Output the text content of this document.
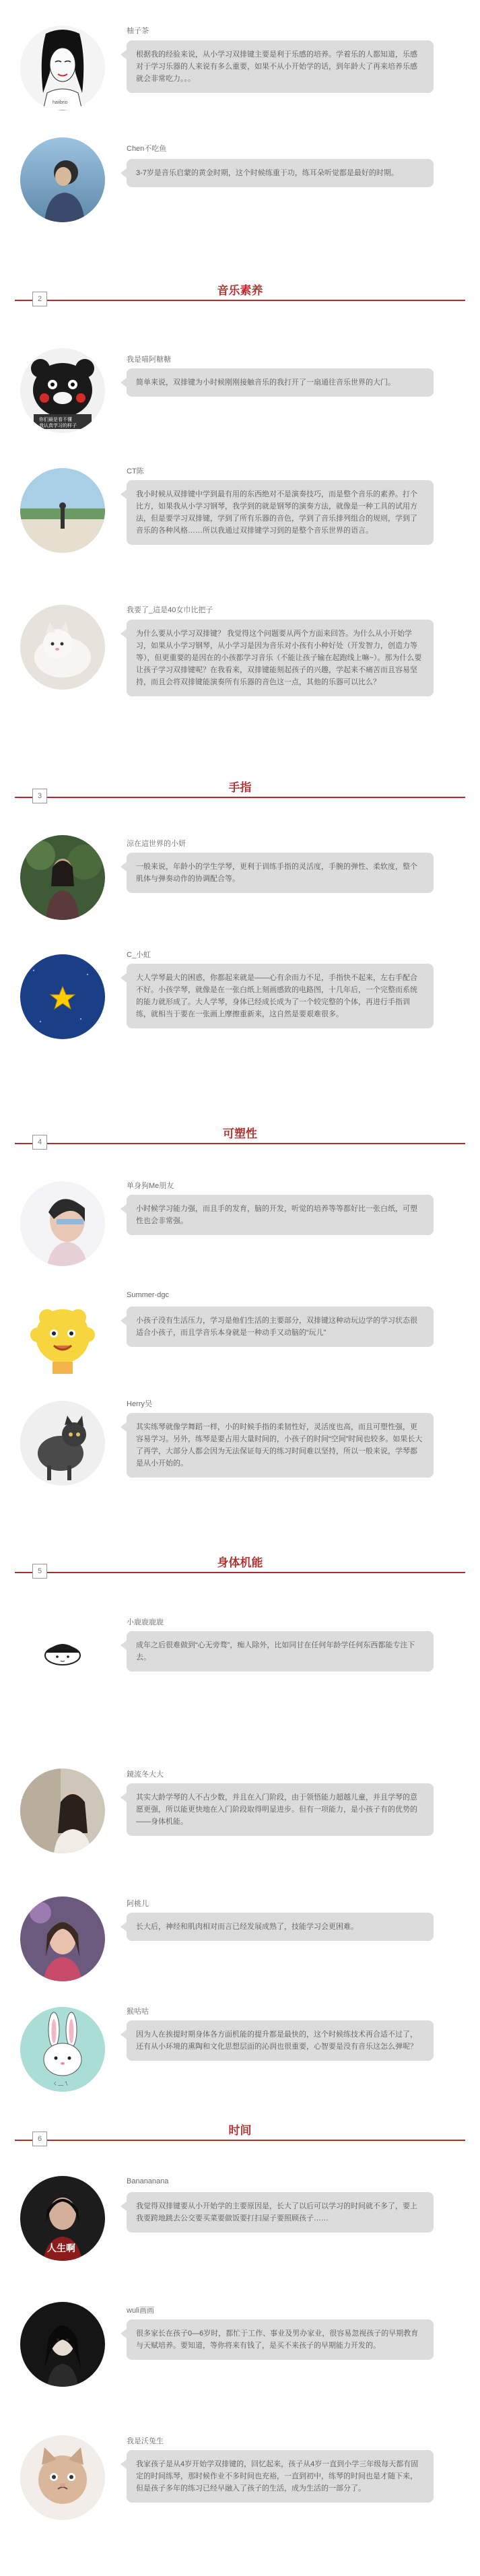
haiibrio
柚子茶
根据我的经验来说，从小学习双排键主要是利于乐感的培养。学着乐的人都知道，乐感对于学习乐器的人来说有多么重要，如果不从小开始学的话，到年龄大了再来培养乐感就会非常吃力。。。
Chen不吃鱼
3-7岁是音乐启蒙的黄金时期，这个时候练重于功，练耳朵听觉都是最好的时期。
2
音乐素养
你们最是看不懂
我认真学习的样子
我是喵阿糖糖
简单来说，双排键为小时候刚刚接触音乐的我打开了一扇通往音乐世界的大门。
CT陈
我小时候从双排键中学到最有用的东西绝对不是演奏技巧，而是整个音乐的素养。打个比方，如果我从小学习钢琴，我学到的就是钢琴的演奏方法，就像是一种工具的试用方法，但是要学习双排键，学到了所有乐器的音色，学到了音乐排列组合的规则，学到了音乐的各种风格……所以我通过双排键学习到的是整个音乐世界的语言。
我要了_這是40女巾比把子
为什么要从小学习双排键？ 我觉得这个问题要从两个方面来回答。为什么从小开始学习，如果从小学习钢琴，从小学习是因为音乐对小孩有小种好处（开发智力，创造力等等），但更重要的是因在的小孩都学习音乐（不能让孩子输在起跑线上嘛~）。那为什么要让孩子学习双排键呢？在我看来，双排键能刻起孩子的兴趣，学起来不痛苦而且容易坚持，而且会将双排键能演奏所有乐器的音色这一点，其他的乐器可以比么？
3
手指
涼在這世界的小妍
一般来说，年龄小的学生学琴，更利于训练手指的灵活度，手腕的弹性、柔软度，整个肌体与弹奏动作的协调配合等。
C_小虹
大人学琴最大的困惑，你都起来就是——心有余而力不足，手指快不起来，左右手配合不好。小孩学琴，就像是在一张白纸上刻画感致的电路图，十几年后，一个完整而系统的能力就形成了。大人学琴，身体已经成长成为了一个较完整的个体，再进行手指训练，就相当于要在一张画上摩擦重新来，这自然是要艰难很多。
4
可塑性
单身狗Me朋友
小时候学习能力强，而且手的发育，脑的开发，听觉的培养等等都好比一张白纸，可塑性也会非常强。
Summer-dgc
小孩子没有生活压力，学习是他们生活的主要部分，双排键这种动玩边学的学习状态很适合小孩子，而且学音乐本身就是一种动手又动脑的“玩儿”
Herry吴
其实练琴就像学舞蹈一样，小的时候手指的柔韧性好，灵活度也高，而且可塑性强，更容易学习。另外，练琴是要占用大量时间的，小孩子的时间“空间”时间也较多。如果长大了再学，大部分人都会因为无法保证每天的练习时间难以坚持，所以一般来说，学琴都是从小开始的。
5
身体机能
小鹿鹿鹿鹿
成年之后很难做到“心无旁骛”，痴人除外，比如同甘在任何年龄学任何东西都能专注下去。
鏡流冬大大
其实大龄学琴的人不占少数，并且在入门阶段，由于领悟能力超越儿童，并且学琴的意愿更强，所以能更快地在入门阶段取得明显进步。但有一项能力，是小孩子有的优势的——身体机能。
阿桃儿
长大后，神经和肌肉相对而言已经发展成熟了，技能学习会更困难。
ㄑ﹏ㄟ
猴咕咕
因为人在挨提时期身体各方面机能的提升都是最快的，这个时候练技术再合适不过了，还有从小环境的熏陶和文化思想层面的沁润也很重要，心智要是没有音乐这怎么弹呢？
6
时间
人生啊
Banananana
我觉得双排键要从小开始学的主要原因是，长大了以后可以学习的时间就不多了，要上我要跨地跳去公交要买菜要做饭要打扫屋子要照顾孩子……
wuli画画
很多家长在孩子0—6岁时，都忙于工作、事业及男办家业，很容易忽视孩子的早期教育与天赋培养。要知道，等你将来有钱了，是买不来孩子的早期能力开发的。
我是沃兔生
我家孩子是从4岁开始学双排键的，回忆起来，孩子从4岁一直到小学三年级每天都有固定的时间练琴，那时候作业不多时间也充裕，一直到初中，练琴的时间也是才随下来，但是孩子多年的练习已经早融入了孩子的生活，成为生活的一部分了。
